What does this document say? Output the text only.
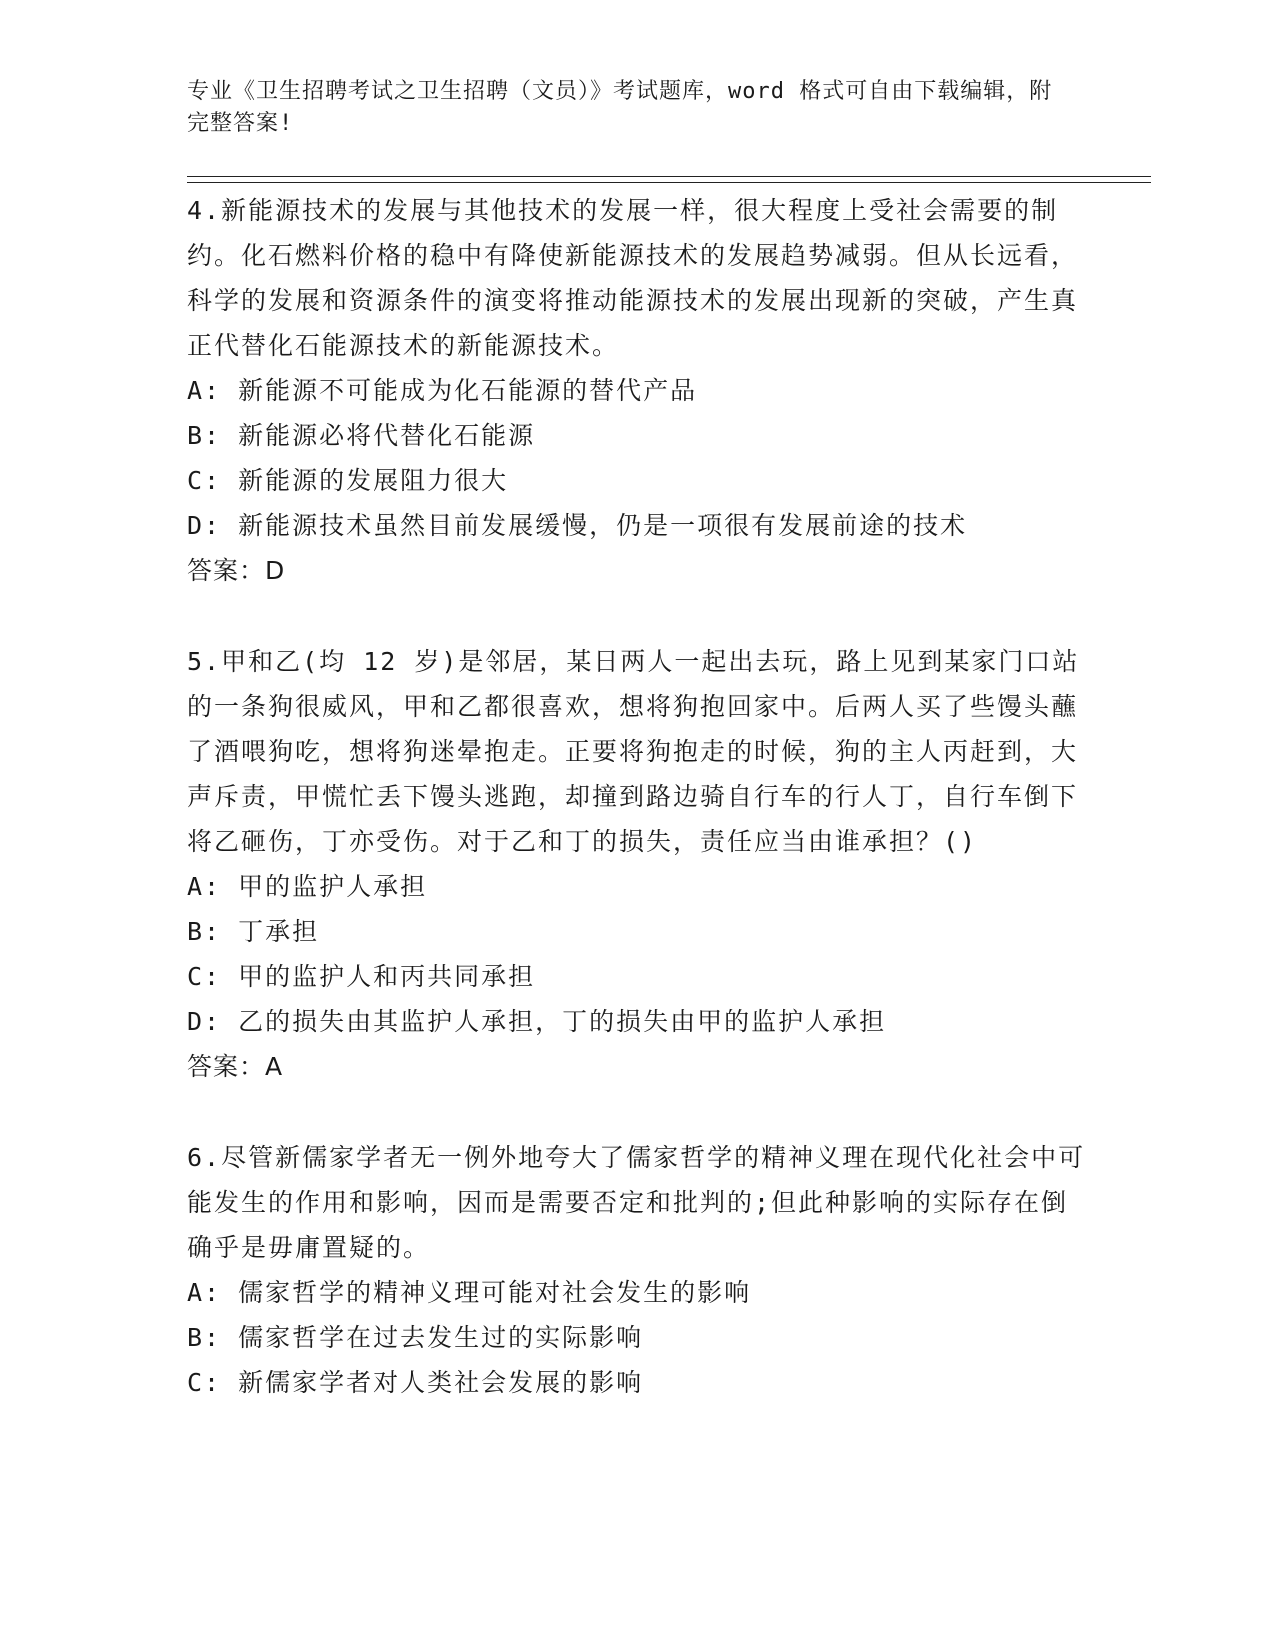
专业《卫生招聘考试之卫生招聘（文员）》考试题库，word 格式可自由下载编辑，附完整答案!

4.新能源技术的发展与其他技术的发展一样，很大程度上受社会需要的制约。化石燃料价格的稳中有降使新能源技术的发展趋势减弱。但从长远看，科学的发展和资源条件的演变将推动能源技术的发展出现新的突破，产生真正代替化石能源技术的新能源技术。

A: 新能源不可能成为化石能源的替代产品

B: 新能源必将代替化石能源

C: 新能源的发展阻力很大

D: 新能源技术虽然目前发展缓慢，仍是一项很有发展前途的技术

答案：D

5.甲和乙(均 12 岁)是邻居，某日两人一起出去玩，路上见到某家门口站的一条狗很威风，甲和乙都很喜欢，想将狗抱回家中。后两人买了些馒头蘸了酒喂狗吃，想将狗迷晕抱走。正要将狗抱走的时候，狗的主人丙赶到，大声斥责，甲慌忙丢下馒头逃跑，却撞到路边骑自行车的行人丁，自行车倒下将乙砸伤，丁亦受伤。对于乙和丁的损失，责任应当由谁承担？()

A: 甲的监护人承担

B: 丁承担

C: 甲的监护人和丙共同承担

D: 乙的损失由其监护人承担，丁的损失由甲的监护人承担

答案：A

6.尽管新儒家学者无一例外地夸大了儒家哲学的精神义理在现代化社会中可能发生的作用和影响，因而是需要否定和批判的;但此种影响的实际存在倒确乎是毋庸置疑的。

A: 儒家哲学的精神义理可能对社会发生的影响

B: 儒家哲学在过去发生过的实际影响

C: 新儒家学者对人类社会发展的影响
